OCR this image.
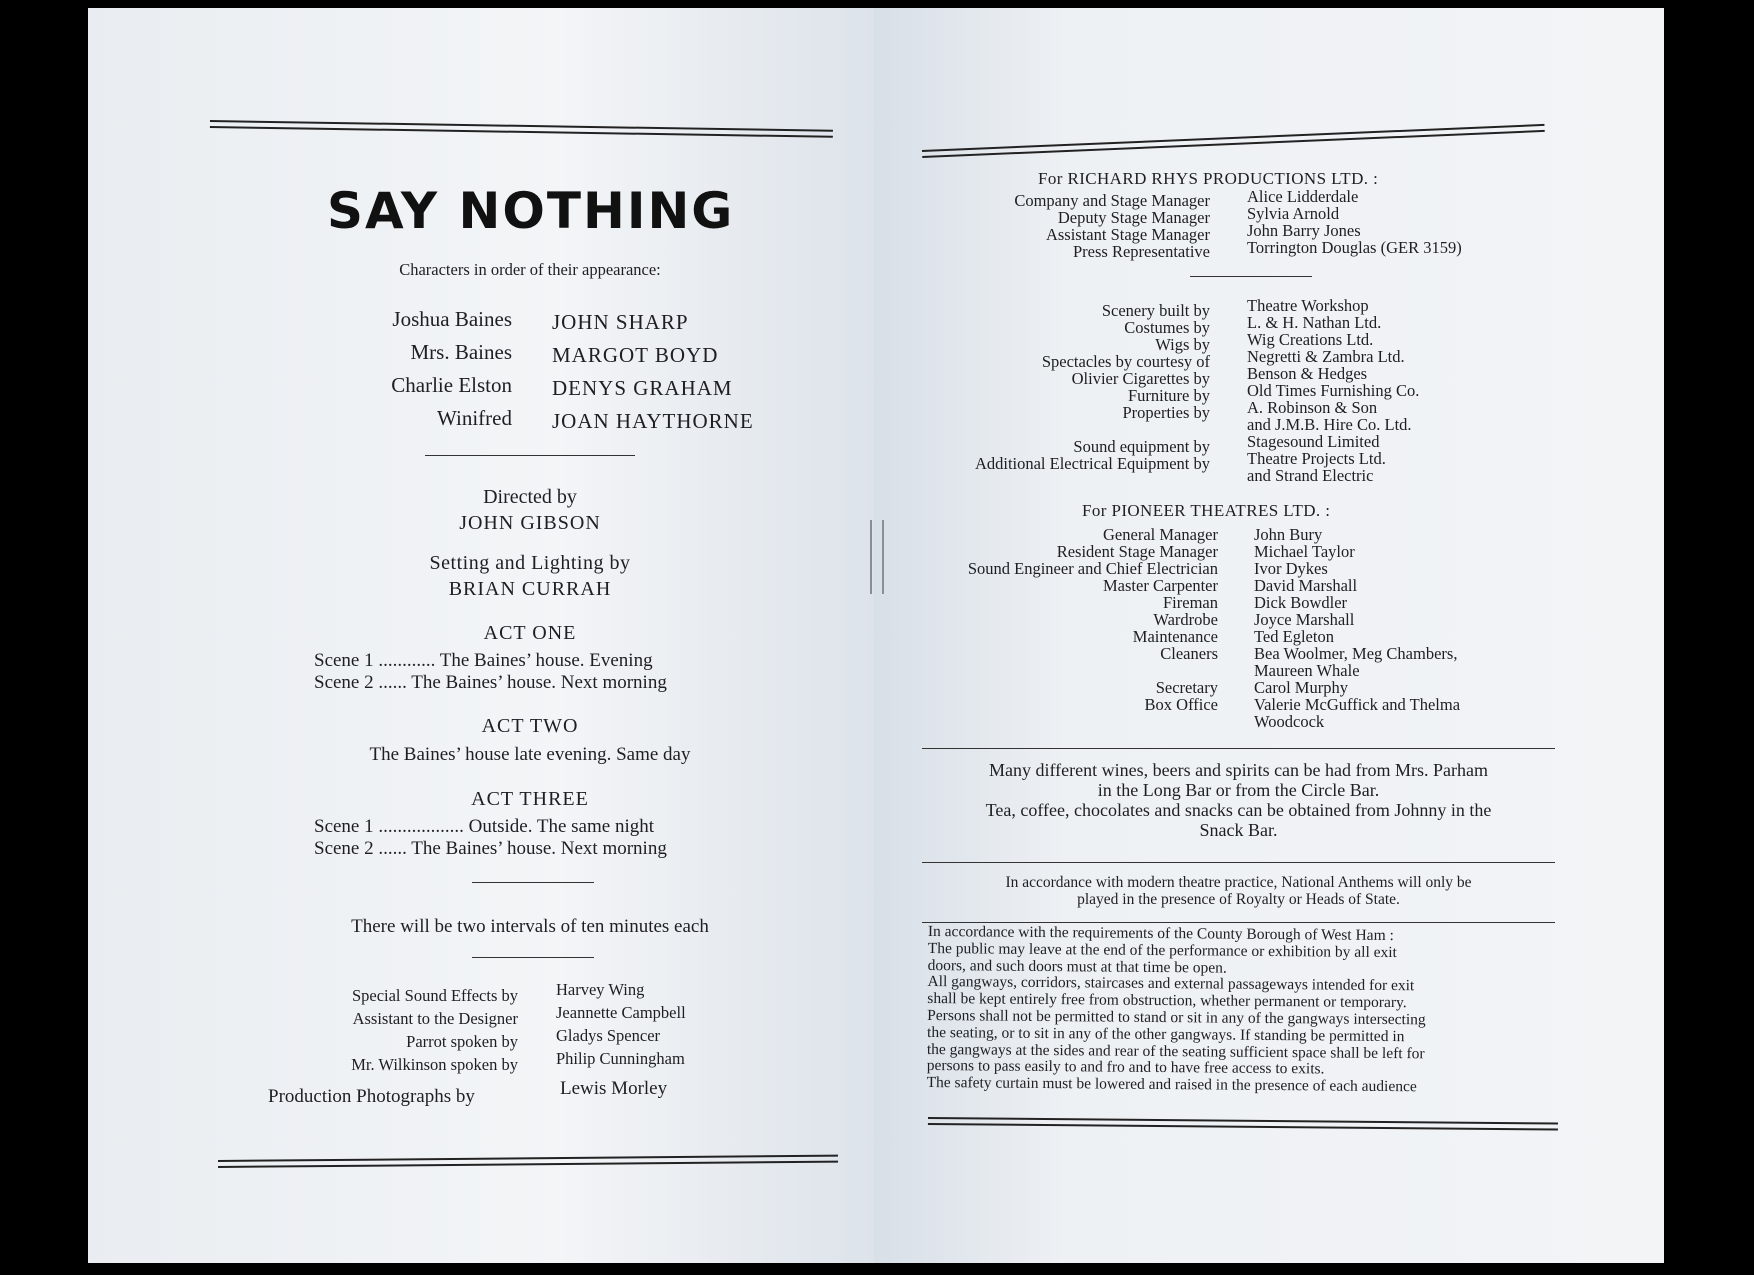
SAY NOTHING
Characters in order of their appearance:
Joshua Baines
Mrs. Baines
Charlie Elston
Winifred
JOHN SHARP
MARGOT BOYD
DENYS GRAHAM
JOAN HAYTHORNE
Directed by
JOHN GIBSON
Setting and Lighting by
BRIAN CURRAH
ACT ONE
Scene 1 ............ The Baines’ house. Evening
Scene 2 ...... The Baines’ house. Next morning
ACT TWO
The Baines’ house late evening. Same day
ACT THREE
Scene 1 .................. Outside. The same night
Scene 2 ...... The Baines’ house. Next morning
There will be two intervals of ten minutes each
Special Sound Effects by
Assistant to the Designer
Parrot spoken by
Mr. Wilkinson spoken by
Harvey Wing
Jeannette Campbell
Gladys Spencer
Philip Cunningham
Production Photographs by	Lewis Morley
For RICHARD RHYS PRODUCTIONS LTD. :
Company and Stage Manager
Deputy Stage Manager
Assistant Stage Manager
Press Representative
Alice Lidderdale
Sylvia Arnold
John Barry Jones
Torrington Douglas (GER 3159)
Scenery built by
Costumes by
Wigs by
Spectacles by courtesy of
Olivier Cigarettes by
Furniture by
Properties by

Sound equipment by
Additional Electrical Equipment by
Theatre Workshop
L. & H. Nathan Ltd.
Wig Creations Ltd.
Negretti & Zambra Ltd.
Benson & Hedges
Old Times Furnishing Co.
A. Robinson & Son
and J.M.B. Hire Co. Ltd.
Stagesound Limited
Theatre Projects Ltd.
and Strand Electric
For PIONEER THEATRES LTD. :
General Manager
Resident Stage Manager
Sound Engineer and Chief Electrician
Master Carpenter
Fireman
Wardrobe
Maintenance
Cleaners

Secretary
Box Office
John Bury
Michael Taylor
Ivor Dykes
David Marshall
Dick Bowdler
Joyce Marshall
Ted Egleton
Bea Woolmer, Meg Chambers,
Maureen Whale
Carol Murphy
Valerie McGuffick and Thelma
Woodcock
Many different wines, beers and spirits can be had from Mrs. Parham
in the Long Bar or from the Circle Bar.
Tea, coffee, chocolates and snacks can be obtained from Johnny in the
Snack Bar.
In accordance with modern theatre practice, National Anthems will only be
played in the presence of Royalty or Heads of State.
In accordance with the requirements of the County Borough of West Ham :
The public may leave at the end of the performance or exhibition by all exit
doors, and such doors must at that time be open.
All gangways, corridors, staircases and external passageways intended for exit
shall be kept entirely free from obstruction, whether permanent or temporary.
Persons shall not be permitted to stand or sit in any of the gangways intersecting
the seating, or to sit in any of the other gangways. If standing be permitted in
the gangways at the sides and rear of the seating sufficient space shall be left for
persons to pass easily to and fro and to have free access to exits.
The safety curtain must be lowered and raised in the presence of each audience
